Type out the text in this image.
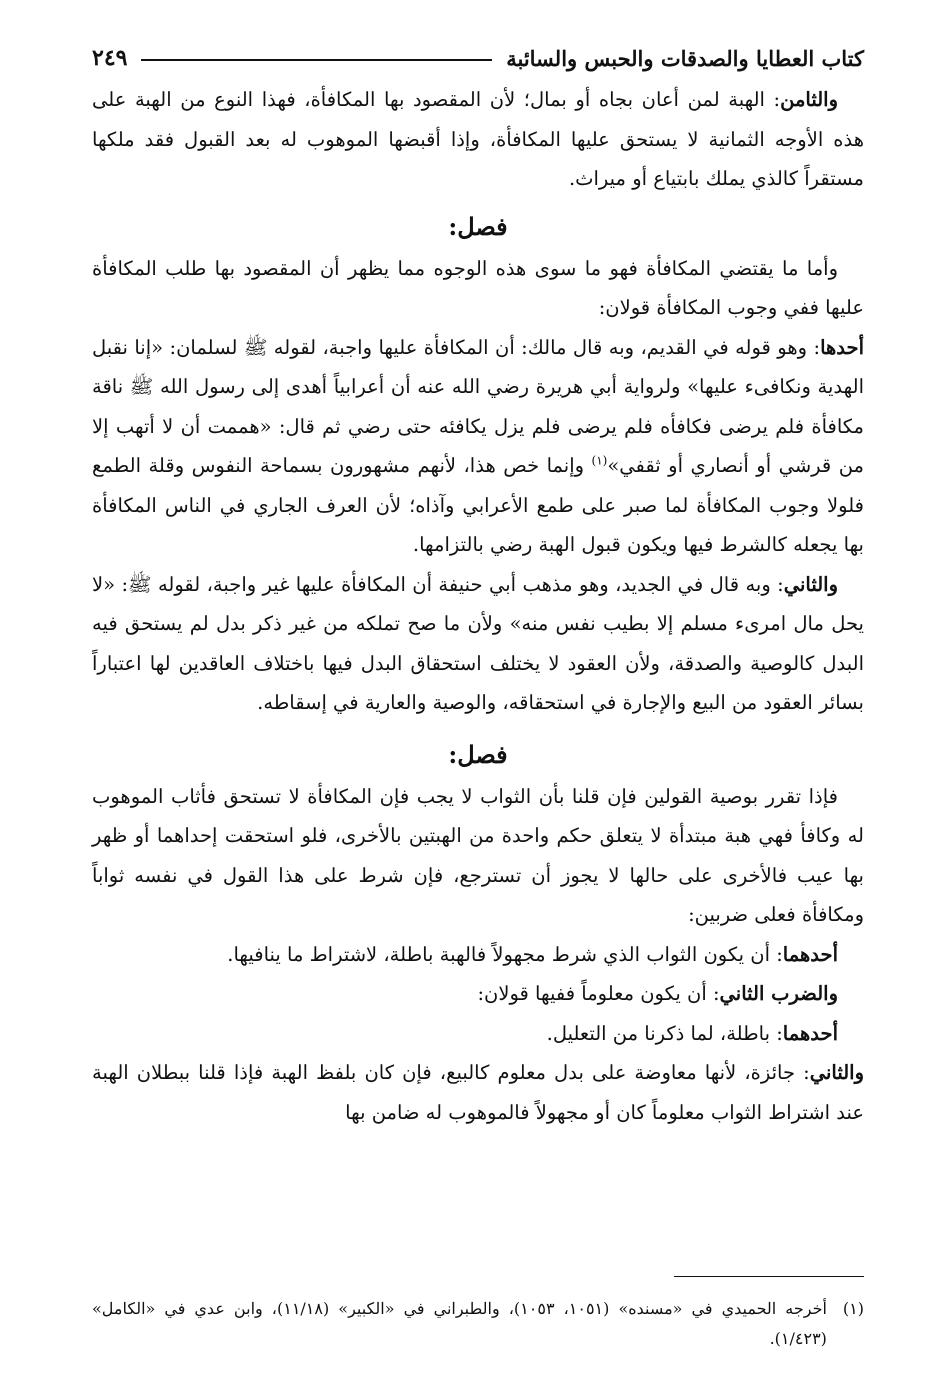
كتاب العطايا والصدقات والحبس والسائبة
٢٤٩

والثامن: الهبة لمن أعان بجاه أو بمال؛ لأن المقصود بها المكافأة، فهذا النوع من الهبة على هذه الأوجه الثمانية لا يستحق عليها المكافأة، وإذا أقبضها الموهوب له بعد القبول فقد ملكها مستقراً كالذي يملك بابتياع أو ميراث.

فصل:

وأما ما يقتضي المكافأة فهو ما سوى هذه الوجوه مما يظهر أن المقصود بها طلب المكافأة عليها ففي وجوب المكافأة قولان:

أحدها: وهو قوله في القديم، وبه قال مالك: أن المكافأة عليها واجبة، لقوله ﷺ لسلمان: «إنا نقبل الهدية ونكافىء عليها» ولرواية أبي هريرة رضي الله عنه أن أعرابياً أهدى إلى رسول الله ﷺ ناقة مكافأة فلم يرضى فكافأه فلم يرضى فلم يزل يكافئه حتى رضي ثم قال: «هممت أن لا أتهب إلا من قرشي أو أنصاري أو ثقفي»$^{(١)}$ وإنما خص هذا، لأنهم مشهورون بسماحة النفوس وقلة الطمع فلولا وجوب المكافأة لما صبر على طمع الأعرابي وآذاه؛ لأن العرف الجاري في الناس المكافأة بها يجعله كالشرط فيها ويكون قبول الهبة رضي بالتزامها.

والثاني: وبه قال في الجديد، وهو مذهب أبي حنيفة أن المكافأة عليها غير واجبة، لقوله ﷺ: «لا يحل مال امرىء مسلم إلا بطيب نفس منه» ولأن ما صح تملكه من غير ذكر بدل لم يستحق فيه البدل كالوصية والصدقة، ولأن العقود لا يختلف استحقاق البدل فيها باختلاف العاقدين لها اعتباراً بسائر العقود من البيع والإجارة في استحقاقه، والوصية والعارية في إسقاطه.

فصل:

فإذا تقرر بوصية القولين فإن قلنا بأن الثواب لا يجب فإن المكافأة لا تستحق فأثاب الموهوب له وكافأ فهي هبة مبتدأة لا يتعلق حكم واحدة من الهبتين بالأخرى، فلو استحقت إحداهما أو ظهر بها عيب فالأخرى على حالها لا يجوز أن تسترجع، فإن شرط على هذا القول في نفسه ثواباً ومكافأة فعلى ضربين:

أحدهما: أن يكون الثواب الذي شرط مجهولاً فالهبة باطلة، لاشتراط ما ينافيها.

والضرب الثاني: أن يكون معلوماً ففيها قولان:

أحدهما: باطلة، لما ذكرنا من التعليل.

والثاني: جائزة، لأنها معاوضة على بدل معلوم كالبيع، فإن كان بلفظ الهبة فإذا قلنا ببطلان الهبة عند اشتراط الثواب معلوماً كان أو مجهولاً فالموهوب له ضامن بها

(١)
أخرجه الحميدي في «مسنده» (١٠٥١، ١٠٥٣)، والطبراني في «الكبير» (١١/١٨)، وابن عدي في «الكامل» (١/٤٢٣).
